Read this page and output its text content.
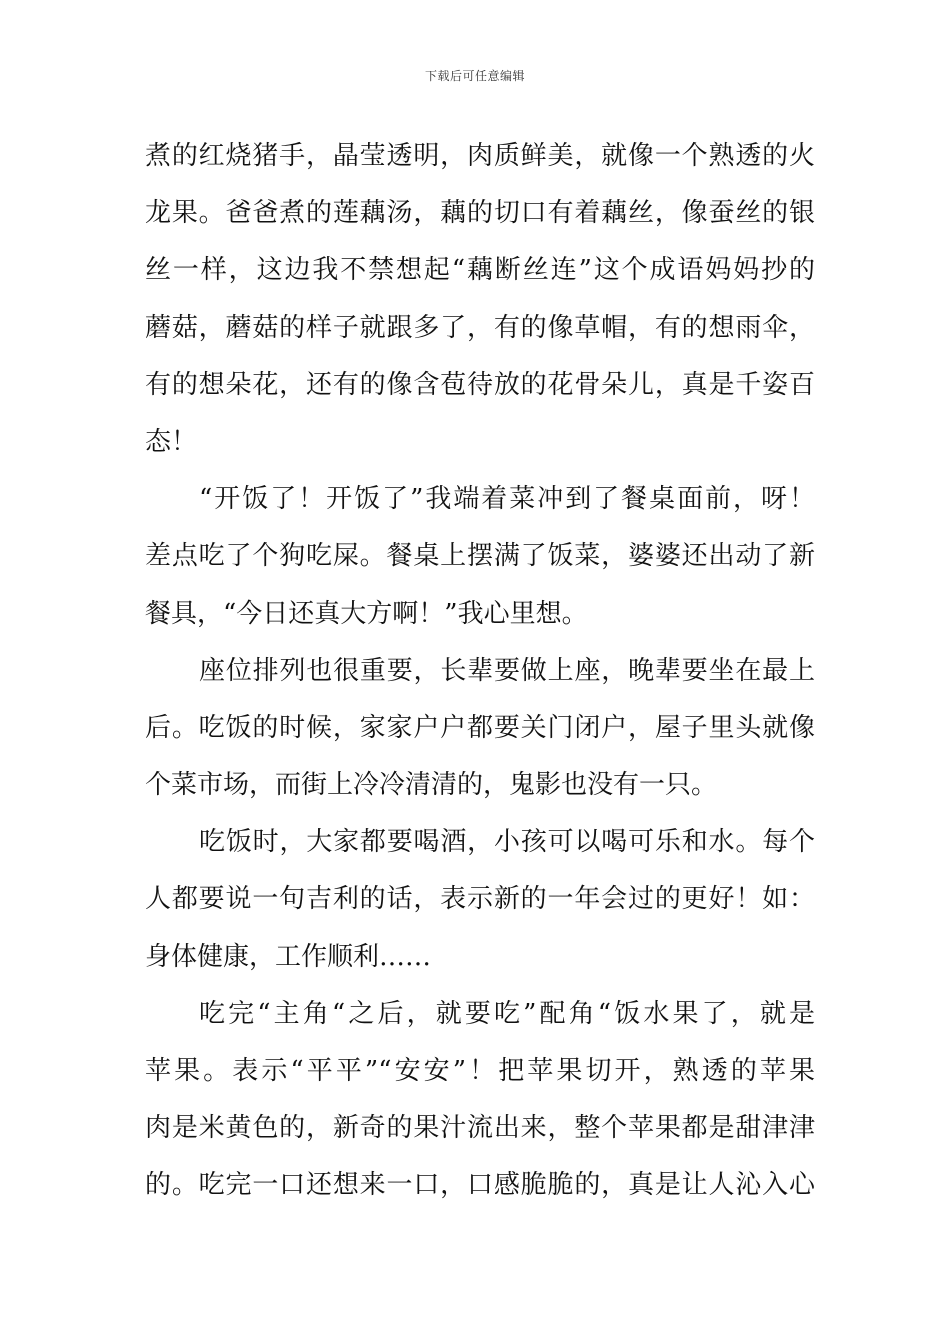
下载后可任意编辑
煮的红烧猪手，晶莹透明，肉质鲜美，就像一个熟透的火
龙果。爸爸煮的莲藕汤，藕的切口有着藕丝，像蚕丝的银
丝一样，这边我不禁想起“藕断丝连”这个成语妈妈抄的
蘑菇，蘑菇的样子就跟多了，有的像草帽，有的想雨伞，
有的想朵花，还有的像含苞待放的花骨朵儿，真是千姿百
态！
“开饭了！开饭了”我端着菜冲到了餐桌面前，呀！
差点吃了个狗吃屎。餐桌上摆满了饭菜，婆婆还出动了新
餐具，“今日还真大方啊！”我心里想。
座位排列也很重要，长辈要做上座，晚辈要坐在最上
后。吃饭的时候，家家户户都要关门闭户，屋子里头就像
个菜市场，而街上冷冷清清的，鬼影也没有一只。
吃饭时，大家都要喝酒，小孩可以喝可乐和水。每个
人都要说一句吉利的话，表示新的一年会过的更好！如：
身体健康，工作顺利……
吃完“主角“之后，就要吃”配角“饭水果了，就是
苹果。表示“平平”“安安”！把苹果切开，熟透的苹果
肉是米黄色的，新奇的果汁流出来，整个苹果都是甜津津
的。吃完一口还想来一口，口感脆脆的，真是让人沁入心
